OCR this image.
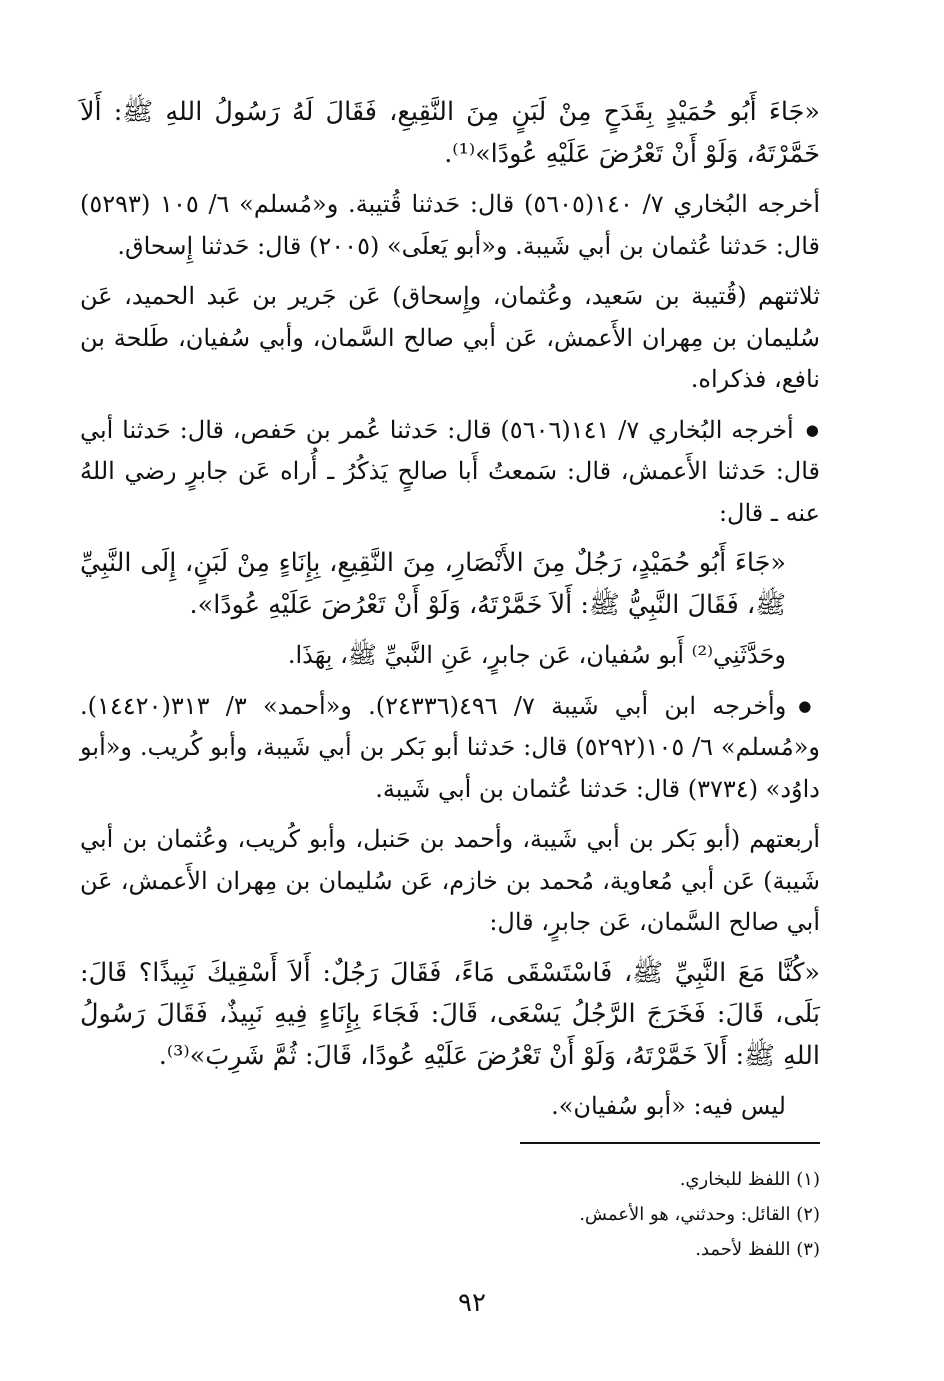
«جَاءَ أَبُو حُمَيْدٍ بِقَدَحٍ مِنْ لَبَنٍ مِنَ النَّقِيعِ، فَقَالَ لَهُ رَسُولُ اللهِ ﷺ: أَلاَ خَمَّرْتَهُ، وَلَوْ أَنْ تَعْرُضَ عَلَيْهِ عُودًا»⁽¹⁾.

أخرجه البُخاري ٧/ ١٤٠(٥٦٠٥) قال: حَدثنا قُتيبة. و«مُسلم» ٦/ ١٠٥ (٥٢٩٣) قال: حَدثنا عُثمان بن أبي شَيبة. و«أبو يَعلَى» (٢٠٠٥) قال: حَدثنا إِسحاق.

ثلاثتهم (قُتيبة بن سَعيد، وعُثمان، وإِسحاق) عَن جَرير بن عَبد الحميد، عَن سُليمان بن مِهران الأَعمش، عَن أبي صالح السَّمان، وأبي سُفيان، طَلحة بن نافع، فذكراه.

● أخرجه البُخاري ٧/ ١٤١(٥٦٠٦) قال: حَدثنا عُمر بن حَفص، قال: حَدثنا أبي قال: حَدثنا الأَعمش، قال: سَمعتُ أَبا صالحٍ يَذكُرُ ـ أُراه عَن جابرٍ رضي اللهُ عنه ـ قال:

«جَاءَ أَبُو حُمَيْدٍ، رَجُلٌ مِنَ الأَنْصَارِ، مِنَ النَّقِيعِ، بِإِنَاءٍ مِنْ لَبَنٍ، إِلَى النَّبِيِّ ﷺ، فَقَالَ النَّبِيُّ ﷺ: أَلاَ خَمَّرْتَهُ، وَلَوْ أَنْ تَعْرُضَ عَلَيْهِ عُودًا».

وحَدَّثَنِي⁽²⁾ أَبو سُفيان، عَن جابرٍ، عَنِ النَّبيِّ ﷺ، بِهَذَا.

● وأخرجه ابن أبي شَيبة ٧/ ٤٩٦(٢٤٣٣٦). و«أحمد» ٣/ ٣١٣(١٤٤٢٠). و«مُسلم» ٦/ ١٠٥(٥٢٩٢) قال: حَدثنا أبو بَكر بن أبي شَيبة، وأبو كُريب. و«أبو داوُد» (٣٧٣٤) قال: حَدثنا عُثمان بن أبي شَيبة.

أربعتهم (أبو بَكر بن أبي شَيبة، وأحمد بن حَنبل، وأبو كُريب، وعُثمان بن أبي شَيبة) عَن أبي مُعاوية، مُحمد بن خازم، عَن سُليمان بن مِهران الأَعمش، عَن أبي صالح السَّمان، عَن جابرٍ، قال:

«كُنَّا مَعَ النَّبِيِّ ﷺ، فَاسْتَسْقَى مَاءً، فَقَالَ رَجُلٌ: أَلاَ أَسْقِيكَ نَبِيذًا؟ قَالَ: بَلَى، قَالَ: فَخَرَجَ الرَّجُلُ يَسْعَى، قَالَ: فَجَاءَ بِإِنَاءٍ فِيهِ نَبِيذٌ، فَقَالَ رَسُولُ اللهِ ﷺ: أَلاَ خَمَّرْتَهُ، وَلَوْ أَنْ تَعْرُضَ عَلَيْهِ عُودًا، قَالَ: ثُمَّ شَرِبَ»⁽³⁾.

ليس فيه: «أبو سُفيان».

(١) اللفظ للبخاري.

(٢) القائل: وحدثني، هو الأعمش.

(٣) اللفظ لأحمد.

٩٢
